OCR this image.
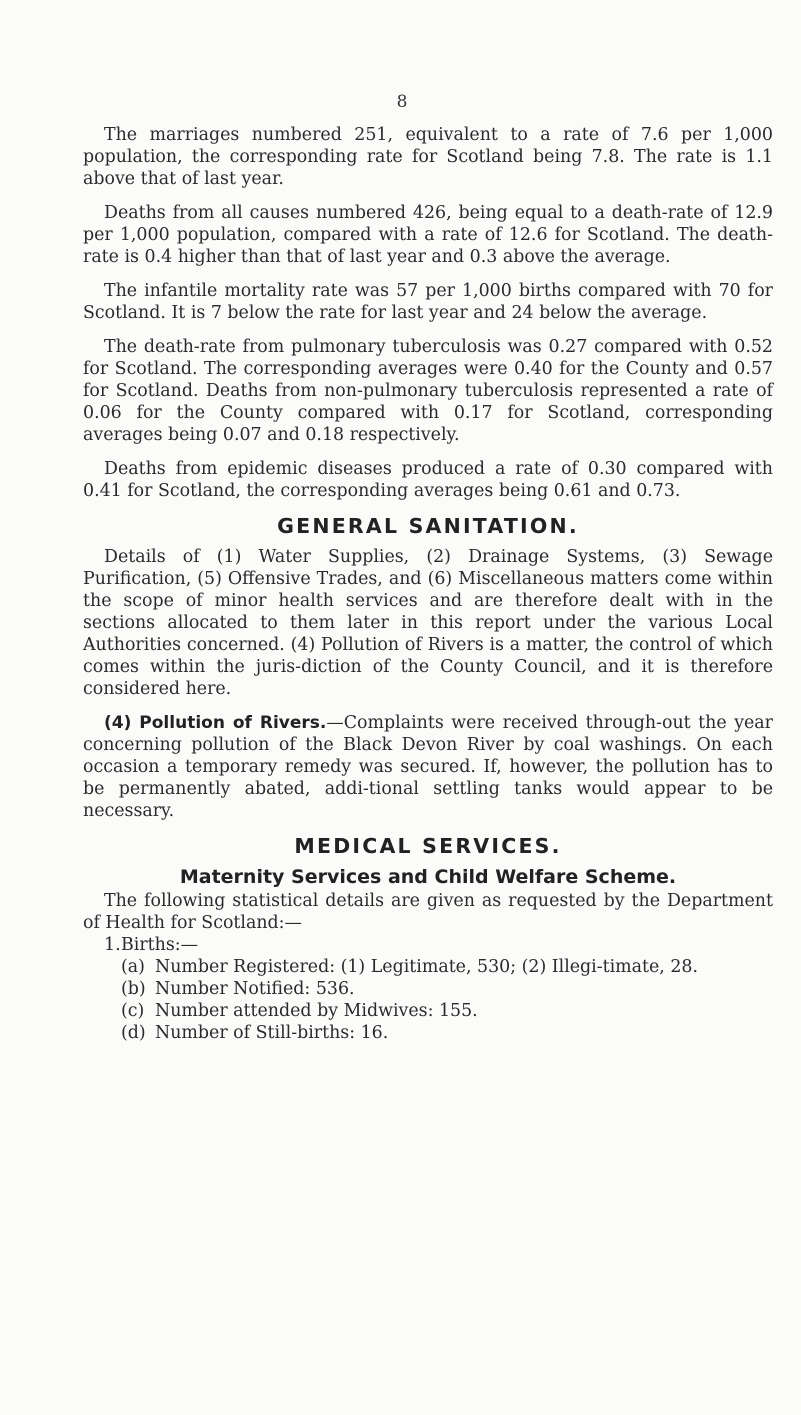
8

The marriages numbered 251, equivalent to a rate of 7.6 per 1,000 population, the corresponding rate for Scotland being 7.8. The rate is 1.1 above that of last year.

Deaths from all causes numbered 426, being equal to a death-rate of 12.9 per 1,000 population, compared with a rate of 12.6 for Scotland. The death-rate is 0.4 higher than that of last year and 0.3 above the average.

The infantile mortality rate was 57 per 1,000 births compared with 70 for Scotland. It is 7 below the rate for last year and 24 below the average.

The death-rate from pulmonary tuberculosis was 0.27 compared with 0.52 for Scotland. The corresponding averages were 0.40 for the County and 0.57 for Scotland. Deaths from non-pulmonary tuberculosis represented a rate of 0.06 for the County compared with 0.17 for Scotland, corresponding averages being 0.07 and 0.18 respectively.

Deaths from epidemic diseases produced a rate of 0.30 compared with 0.41 for Scotland, the corresponding averages being 0.61 and 0.73.

GENERAL SANITATION.

Details of (1) Water Supplies, (2) Drainage Systems, (3) Sewage Purification, (5) Offensive Trades, and (6) Miscellaneous matters come within the scope of minor health services and are therefore dealt with in the sections allocated to them later in this report under the various Local Authorities concerned. (4) Pollution of Rivers is a matter, the control of which comes within the juris-diction of the County Council, and it is therefore considered here.

(4) Pollution of Rivers.—Complaints were received through-out the year concerning pollution of the Black Devon River by coal washings. On each occasion a temporary remedy was secured. If, however, the pollution has to be permanently abated, addi-tional settling tanks would appear to be necessary.

MEDICAL SERVICES.
Maternity Services and Child Welfare Scheme.

The following statistical details are given as requested by the Department of Health for Scotland:—

1. Births:—
(a) Number Registered: (1) Legitimate, 530; (2) Illegi-timate, 28.
(b) Number Notified: 536.
(c) Number attended by Midwives: 155.
(d) Number of Still-births: 16.
